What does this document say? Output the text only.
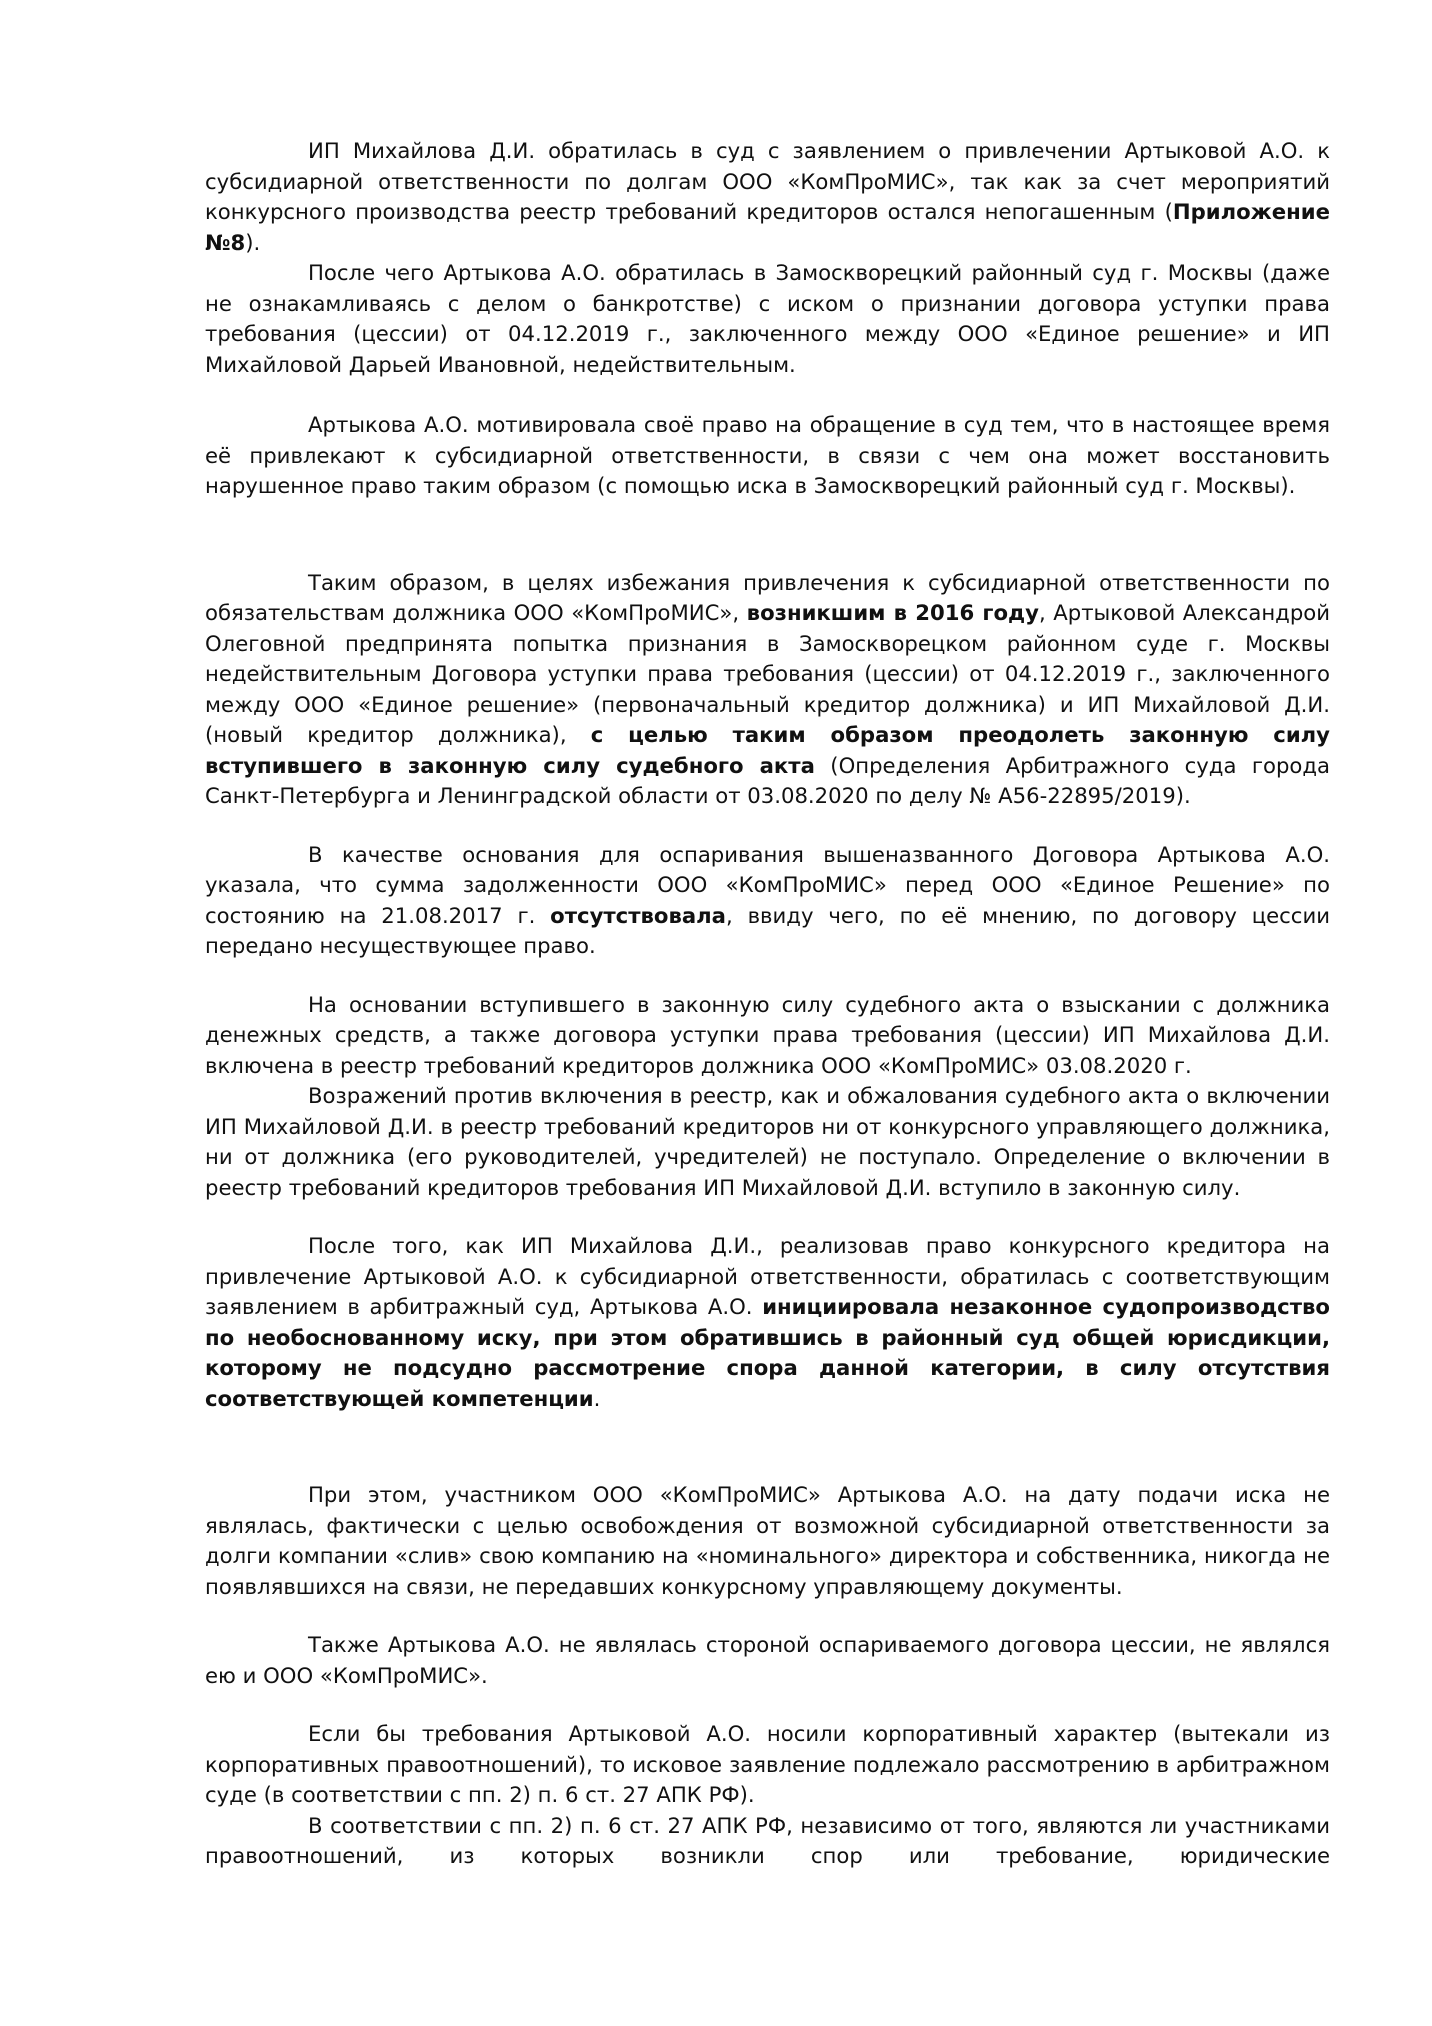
ИП Михайлова Д.И. обратилась в суд с заявлением о привлечении Артыковой А.О. к субсидиарной ответственности по долгам ООО «КомПроМИС», так как за счет мероприятий конкурсного производства реестр требований кредиторов остался непогашенным (Приложение №8).

После чего Артыкова А.О. обратилась в Замоскворецкий районный суд г. Москвы (даже не ознакамливаясь с делом о банкротстве) с иском о признании договора уступки права требования (цессии) от 04.12.2019 г., заключенного между ООО «Единое решение» и ИП Михайловой Дарьей Ивановной, недействительным.

Артыкова А.О. мотивировала своё право на обращение в суд тем, что в настоящее время её привлекают к субсидиарной ответственности, в связи с чем она может восстановить нарушенное право таким образом (с помощью иска в Замоскворецкий районный суд г. Москвы).

Таким образом, в целях избежания привлечения к субсидиарной ответственности по обязательствам должника ООО «КомПроМИС», возникшим в 2016 году, Артыковой Александрой Олеговной предпринята попытка признания в Замоскворецком районном суде г. Москвы недействительным Договора уступки права требования (цессии) от 04.12.2019 г., заключенного между ООО «Единое решение» (первоначальный кредитор должника) и ИП Михайловой Д.И. (новый кредитор должника), с целью таким образом преодолеть законную силу вступившего в законную силу судебного акта (Определения Арбитражного суда города Санкт-Петербурга и Ленинградской области от 03.08.2020 по делу № А56-22895/2019).

В качестве основания для оспаривания вышеназванного Договора Артыкова А.О. указала, что сумма задолженности ООО «КомПроМИС» перед ООО «Единое Решение» по состоянию на 21.08.2017 г. отсутствовала, ввиду чего, по её мнению, по договору цессии передано несуществующее право.

На основании вступившего в законную силу судебного акта о взыскании с должника денежных средств, а также договора уступки права требования (цессии) ИП Михайлова Д.И. включена в реестр требований кредиторов должника ООО «КомПроМИС» 03.08.2020 г.

Возражений против включения в реестр, как и обжалования судебного акта о включении ИП Михайловой Д.И. в реестр требований кредиторов ни от конкурсного управляющего должника, ни от должника (его руководителей, учредителей) не поступало. Определение о включении в реестр требований кредиторов требования ИП Михайловой Д.И. вступило в законную силу.

После того, как ИП Михайлова Д.И., реализовав право конкурсного кредитора на привлечение Артыковой А.О. к субсидиарной ответственности, обратилась с соответствующим заявлением в арбитражный суд, Артыкова А.О. инициировала незаконное судопроизводство по необоснованному иску, при этом обратившись в районный суд общей юрисдикции, которому не подсудно рассмотрение спора данной категории, в силу отсутствия соответствующей компетенции.

При этом, участником ООО «КомПроМИС» Артыкова А.О. на дату подачи иска не являлась, фактически с целью освобождения от возможной субсидиарной ответственности за долги компании «слив» свою компанию на «номинального» директора и собственника, никогда не появлявшихся на связи, не передавших конкурсному управляющему документы.

Также Артыкова А.О. не являлась стороной оспариваемого договора цессии, не являлся ею и ООО «КомПроМИС».

Если бы требования Артыковой А.О. носили корпоративный характер (вытекали из корпоративных правоотношений), то исковое заявление подлежало рассмотрению в арбитражном суде (в соответствии с пп. 2) п. 6 ст. 27 АПК РФ).

В соответствии с пп. 2) п. 6 ст. 27 АПК РФ, независимо от того, являются ли участниками правоотношений, из которых возникли спор или требование, юридические
